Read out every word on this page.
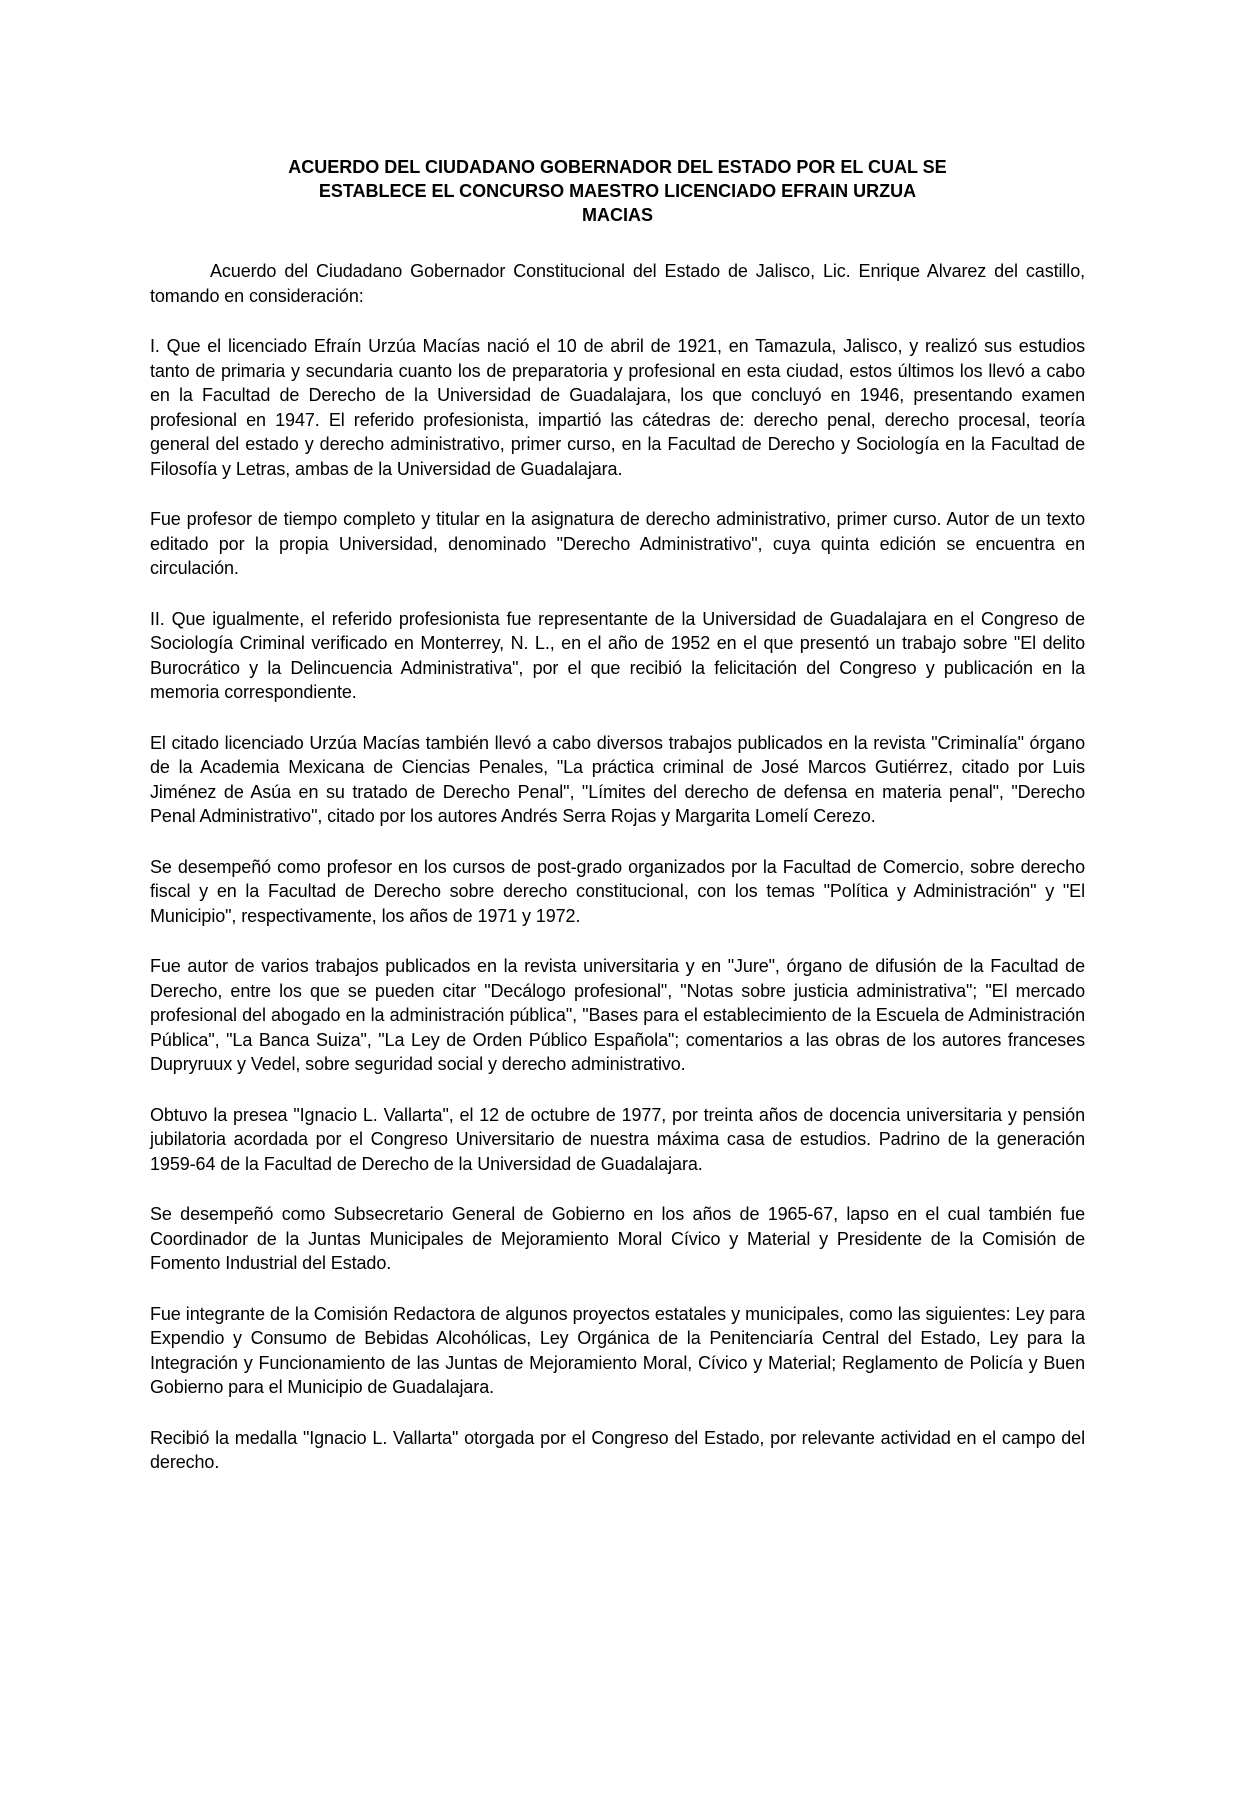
ACUERDO DEL CIUDADANO GOBERNADOR DEL ESTADO POR EL CUAL SE
ESTABLECE EL CONCURSO MAESTRO LICENCIADO EFRAIN URZUA
MACIAS

Acuerdo del Ciudadano Gobernador Constitucional del Estado de Jalisco, Lic. Enrique Alvarez del castillo, tomando en consideración:

I. Que el licenciado Efraín Urzúa Macías nació el 10 de abril de 1921, en Tamazula, Jalisco, y realizó sus estudios tanto de primaria y secundaria cuanto los de preparatoria y profesional en esta ciudad, estos últimos los llevó a cabo en la Facultad de Derecho de la Universidad de Guadalajara, los que concluyó en 1946, presentando examen profesional en 1947. El referido profesionista, impartió las cátedras de: derecho penal, derecho procesal, teoría general del estado y derecho administrativo, primer curso, en la Facultad de Derecho y Sociología en la Facultad de Filosofía y Letras, ambas de la Universidad de Guadalajara.

Fue profesor de tiempo completo y titular en la asignatura de derecho administrativo, primer curso. Autor de un texto editado por la propia Universidad, denominado "Derecho Administrativo", cuya quinta edición se encuentra en circulación.

II. Que igualmente, el referido profesionista fue representante de la Universidad de Guadalajara en el Congreso de Sociología Criminal verificado en Monterrey, N. L., en el año de 1952 en el que presentó un trabajo sobre "El delito Burocrático y la Delincuencia Administrativa", por el que recibió la felicitación del Congreso y publicación en la memoria correspondiente.

El citado licenciado Urzúa Macías también llevó a cabo diversos trabajos publicados en la revista "Criminalía" órgano de la Academia Mexicana de Ciencias Penales, "La práctica criminal de José Marcos Gutiérrez, citado por Luis Jiménez de Asúa en su tratado de Derecho Penal", "Límites del derecho de defensa en materia penal", "Derecho Penal Administrativo", citado por los autores Andrés Serra Rojas y Margarita Lomelí Cerezo.

Se desempeñó como profesor en los cursos de post-grado organizados por la Facultad de Comercio, sobre derecho fiscal y en la Facultad de Derecho sobre derecho constitucional, con los temas "Política y Administración" y "El Municipio", respectivamente, los años de 1971 y 1972.

Fue autor de varios trabajos publicados en la revista universitaria y en "Jure", órgano de difusión de la Facultad de Derecho, entre los que se pueden citar "Decálogo profesional", "Notas sobre justicia administrativa"; "El mercado profesional del abogado en la administración pública", "Bases para el establecimiento de la Escuela de Administración Pública", "La Banca Suiza", "La Ley de Orden Público Española"; comentarios a las obras de los autores franceses Dupryruux y Vedel, sobre seguridad social y derecho administrativo.

Obtuvo la presea "Ignacio L. Vallarta", el 12 de octubre de 1977, por treinta años de docencia universitaria y pensión jubilatoria acordada por el Congreso Universitario de nuestra máxima casa de estudios. Padrino de la generación 1959-64 de la Facultad de Derecho de la Universidad de Guadalajara.

Se desempeñó como Subsecretario General de Gobierno en los años de 1965-67, lapso en el cual también fue Coordinador de la Juntas Municipales de Mejoramiento Moral Cívico y Material y Presidente de la Comisión de Fomento Industrial del Estado.

Fue integrante de la Comisión Redactora de algunos proyectos estatales y municipales, como las siguientes: Ley para Expendio y Consumo de Bebidas Alcohólicas, Ley Orgánica de la Penitenciaría Central del Estado, Ley para la Integración y Funcionamiento de las Juntas de Mejoramiento Moral, Cívico y Material; Reglamento de Policía y Buen Gobierno para el Municipio de Guadalajara.

Recibió la medalla "Ignacio L. Vallarta" otorgada por el Congreso del Estado, por relevante actividad en el campo del derecho.
